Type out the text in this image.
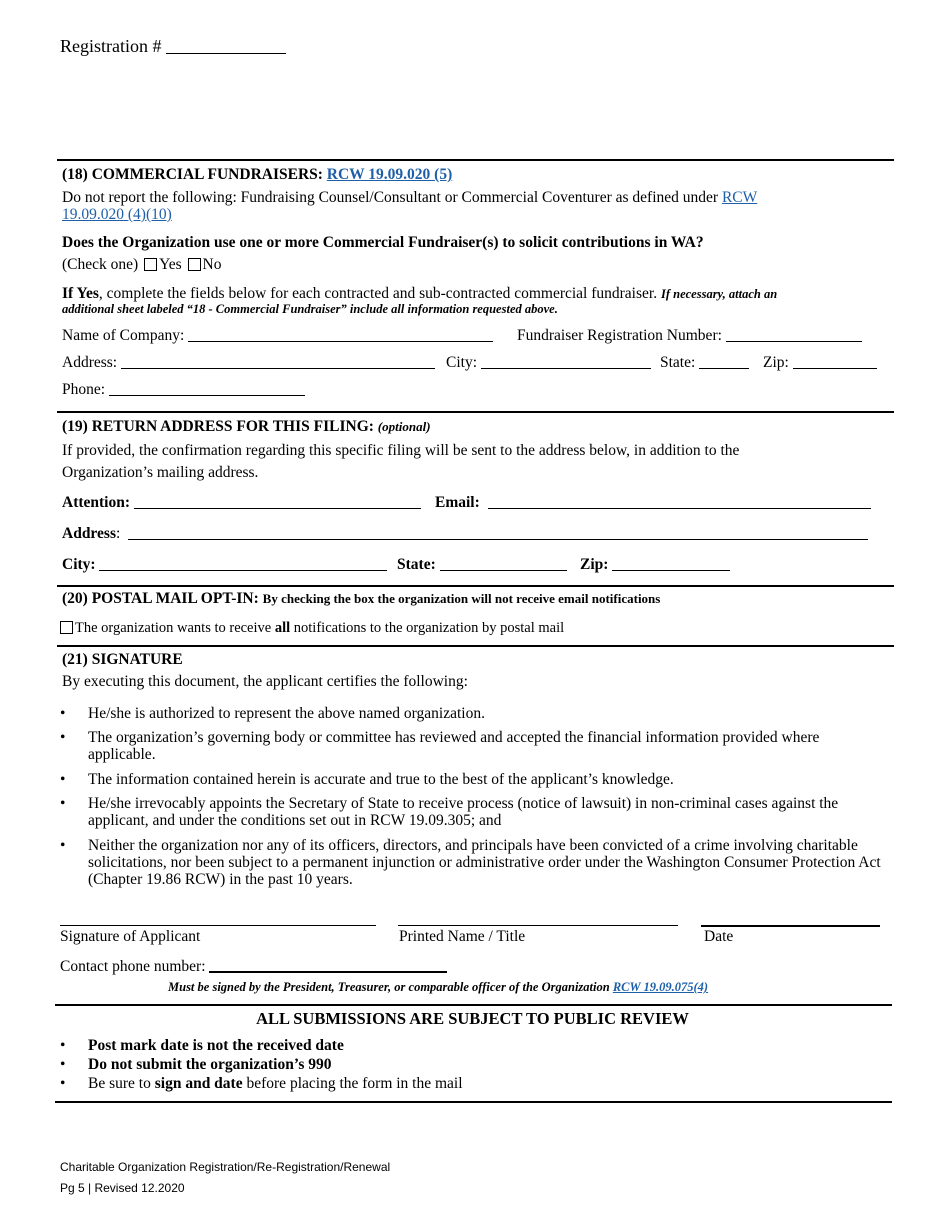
Registration #
(18) COMMERCIAL FUNDRAISERS: RCW 19.09.020 (5)
Do not report the following: Fundraising Counsel/Consultant or Commercial Coventurer as defined under RCW
19.09.020 (4)(10)
Does the Organization use one or more Commercial Fundraiser(s) to solicit contributions in WA?
(Check one) Yes No
If Yes, complete the fields below for each contracted and sub-contracted commercial fundraiser. If necessary, attach an
additional sheet labeled “18 - Commercial Fundraiser” include all information requested above.
Name of Company:	Fundraiser Registration Number:
Address:	City:	State:	Zip:
Phone:
(19) RETURN ADDRESS FOR THIS FILING: (optional)
If provided, the confirmation regarding this specific filing will be sent to the address below, in addition to the
Organization’s mailing address.
Attention:	Email:
Address:
City:	State:	Zip:
(20) POSTAL MAIL OPT-IN: By checking the box the organization will not receive email notifications
The organization wants to receive all notifications to the organization by postal mail
(21) SIGNATURE
By executing this document, the applicant certifies the following:
• He/she is authorized to represent the above named organization.
• The organization’s governing body or committee has reviewed and accepted the financial information provided where applicable.
• The information contained herein is accurate and true to the best of the applicant’s knowledge.
• He/she irrevocably appoints the Secretary of State to receive process (notice of lawsuit) in non-criminal cases against the applicant, and under the conditions set out in RCW 19.09.305; and
• Neither the organization nor any of its officers, directors, and principals have been convicted of a crime involving charitable solicitations, nor been subject to a permanent injunction or administrative order under the Washington Consumer Protection Act (Chapter 19.86 RCW) in the past 10 years.
Signature of Applicant	Printed Name / Title	Date
Contact phone number:
Must be signed by the President, Treasurer, or comparable officer of the Organization RCW 19.09.075(4)
ALL SUBMISSIONS ARE SUBJECT TO PUBLIC REVIEW
• Post mark date is not the received date
• Do not submit the organization’s 990
• Be sure to sign and date before placing the form in the mail
Charitable Organization Registration/Re-Registration/Renewal
Pg 5 | Revised 12.2020
